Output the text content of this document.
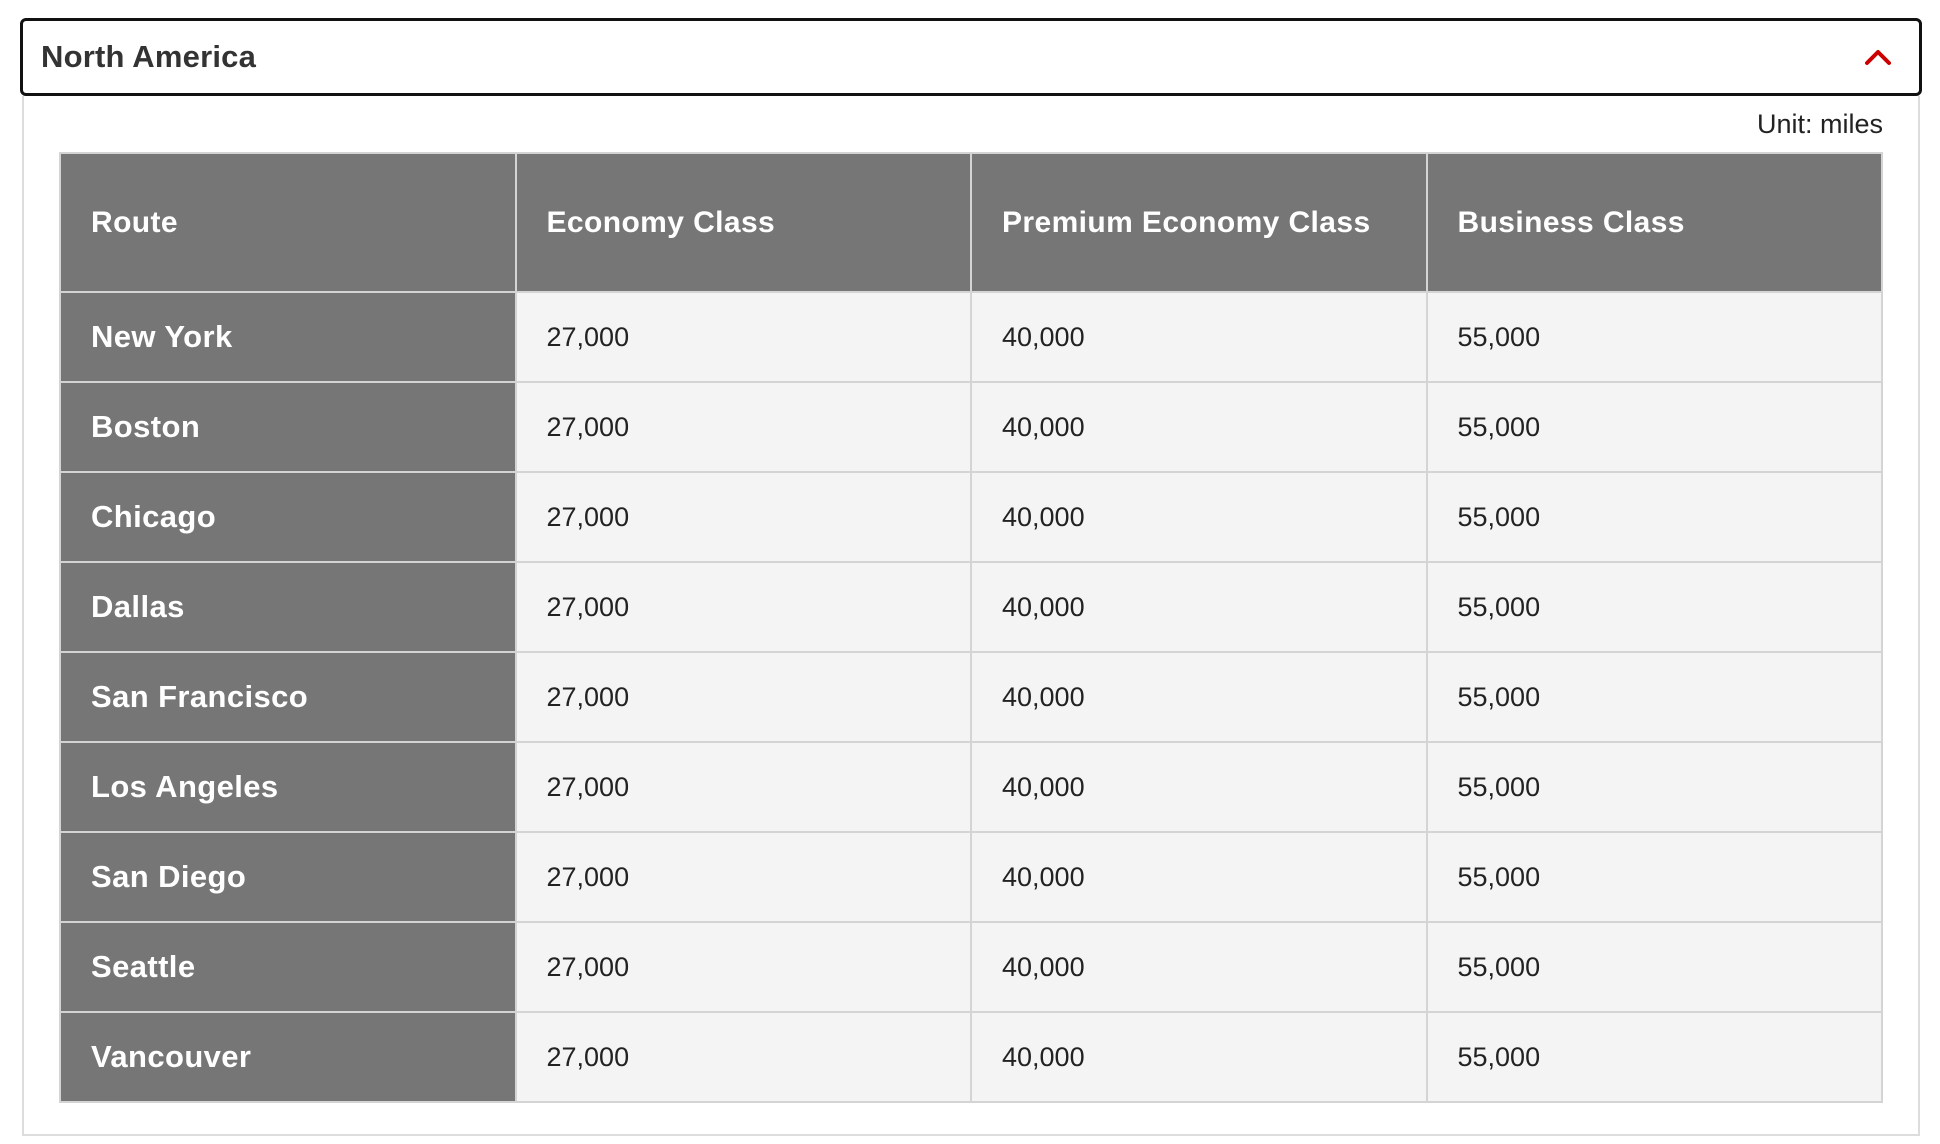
North America
Unit: miles
Route	Economy Class	Premium Economy Class	Business Class
New York	27,000	40,000	55,000
Boston	27,000	40,000	55,000
Chicago	27,000	40,000	55,000
Dallas	27,000	40,000	55,000
San Francisco	27,000	40,000	55,000
Los Angeles	27,000	40,000	55,000
San Diego	27,000	40,000	55,000
Seattle	27,000	40,000	55,000
Vancouver	27,000	40,000	55,000
